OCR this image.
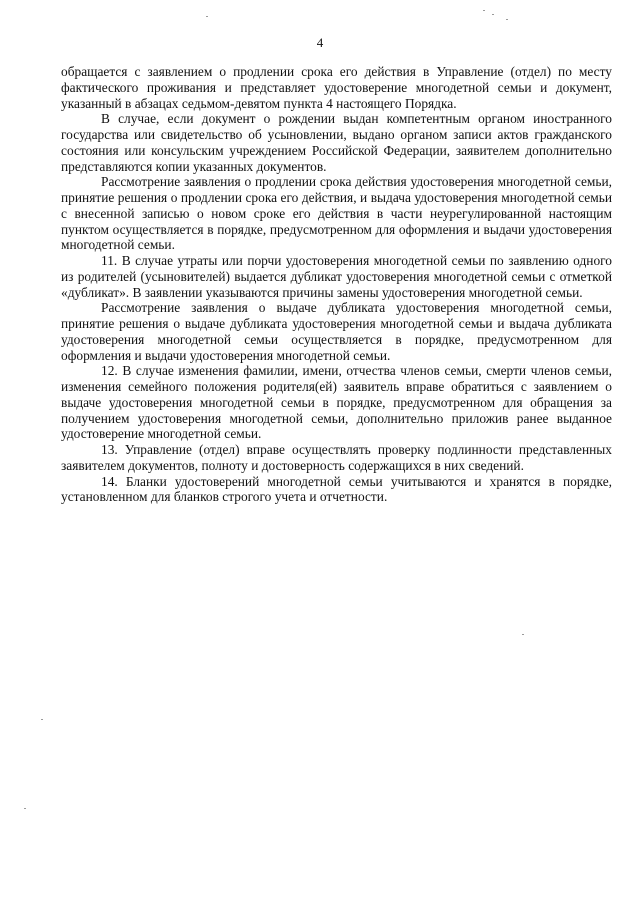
4

обращается с заявлением о продлении срока его действия в Управление (отдел) по месту фактического проживания и представляет удостоверение многодетной семьи и документ, указанный в абзацах седьмом-девятом пункта 4 настоящего Порядка.

В случае, если документ о рождении выдан компетентным органом иностранного государства или свидетельство об усыновлении, выдано органом записи актов гражданского состояния или консульским учреждением Российской Федерации, заявителем дополнительно представляются копии указанных документов.

Рассмотрение заявления о продлении срока действия удостоверения многодетной семьи, принятие решения о продлении срока его действия, и выдача удостоверения многодетной семьи с внесенной записью о новом сроке его действия в части неурегулированной настоящим пунктом осуществляется в порядке, предусмотренном для оформления и выдачи удостоверения многодетной семьи.

11. В случае утраты или порчи удостоверения многодетной семьи по заявлению одного из родителей (усыновителей) выдается дубликат удостоверения многодетной семьи с отметкой «дубликат». В заявлении указываются причины замены удостоверения многодетной семьи.

Рассмотрение заявления о выдаче дубликата удостоверения многодетной семьи, принятие решения о выдаче дубликата удостоверения многодетной семьи и выдача дубликата удостоверения многодетной семьи осуществляется в порядке, предусмотренном для оформления и выдачи удостоверения многодетной семьи.

12. В случае изменения фамилии, имени, отчества членов семьи, смерти членов семьи, изменения семейного положения родителя(ей) заявитель вправе обратиться с заявлением о выдаче удостоверения многодетной семьи в порядке, предусмотренном для обращения за получением удостоверения многодетной семьи, дополнительно приложив ранее выданное удостоверение многодетной семьи.

13. Управление (отдел) вправе осуществлять проверку подлинности представленных заявителем документов, полноту и достоверность содержащихся в них сведений.

14. Бланки удостоверений многодетной семьи учитываются и хранятся в порядке, установленном для бланков строгого учета и отчетности.
